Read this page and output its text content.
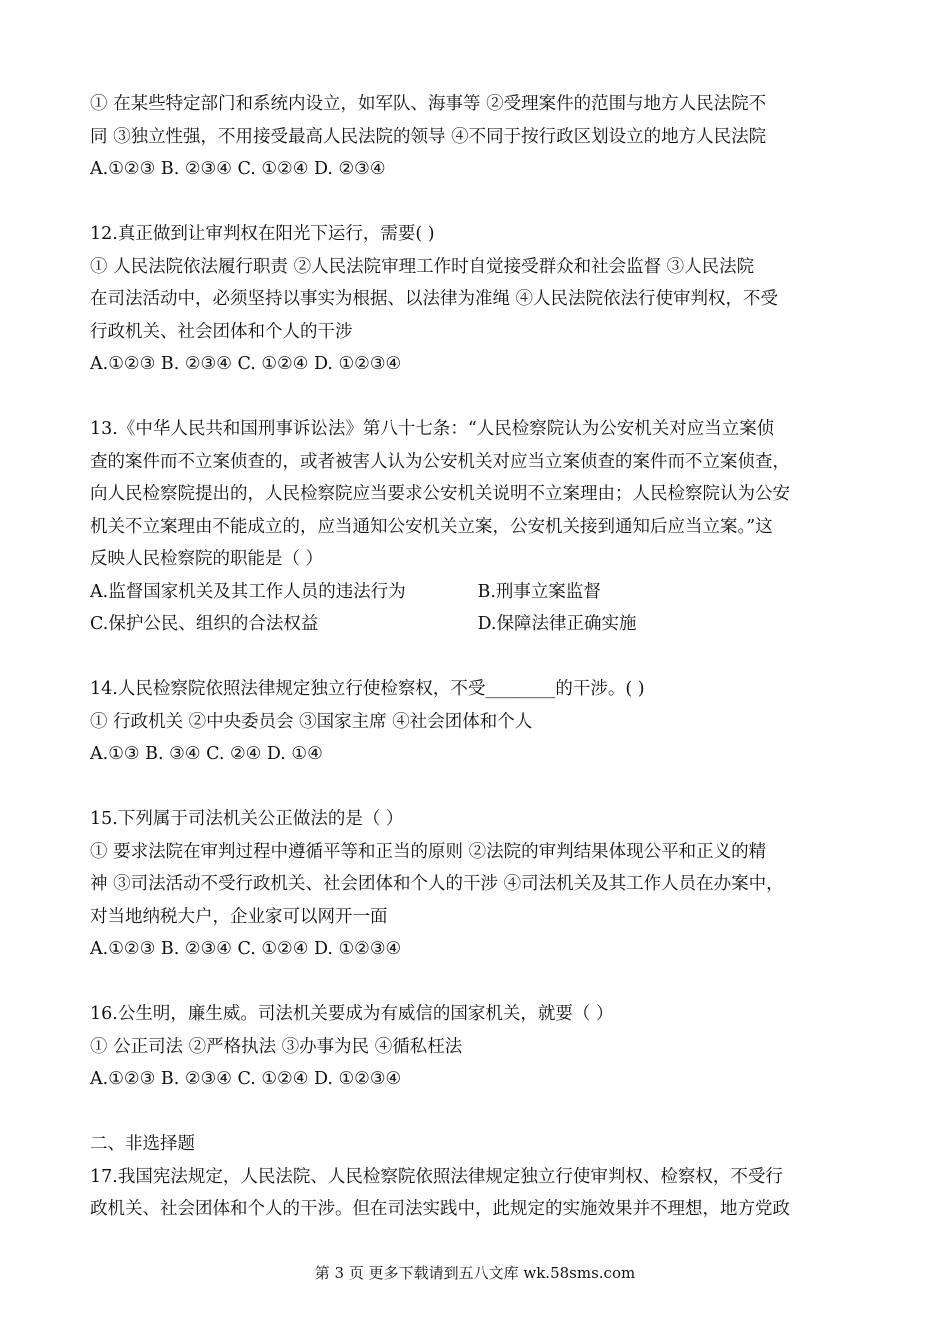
① 在某些特定部门和系统内设立，如军队、海事等 ②受理案件的范围与地方人民法院不
同 ③独立性强，不用接受最高人民法院的领导 ④不同于按行政区划设立的地方人民法院
A.①②③ B. ②③④ C. ①②④ D. ②③④
12.真正做到让审判权在阳光下运行，需要( )
① 人民法院依法履行职责 ②人民法院审理工作时自觉接受群众和社会监督 ③人民法院
在司法活动中，必须坚持以事实为根据、以法律为准绳 ④人民法院依法行使审判权，不受
行政机关、社会团体和个人的干涉
A.①②③ B. ②③④ C. ①②④ D. ①②③④
13.《中华人民共和国刑事诉讼法》第八十七条：“人民检察院认为公安机关对应当立案侦
查的案件而不立案侦查的，或者被害人认为公安机关对应当立案侦查的案件而不立案侦查，
向人民检察院提出的，人民检察院应当要求公安机关说明不立案理由；人民检察院认为公安
机关不立案理由不能成立的，应当通知公安机关立案，公安机关接到通知后应当立案。”这
反映人民检察院的职能是（ ）
A.监督国家机关及其工作人员的违法行为	B.刑事立案监督
C.保护公民、组织的合法权益	D.保障法律正确实施
14.人民检察院依照法律规定独立行使检察权，不受________的干涉。( )
① 行政机关 ②中央委员会 ③国家主席 ④社会团体和个人
A.①③ B. ③④ C. ②④ D. ①④
15.下列属于司法机关公正做法的是（ ）
① 要求法院在审判过程中遵循平等和正当的原则 ②法院的审判结果体现公平和正义的精
神 ③司法活动不受行政机关、社会团体和个人的干涉 ④司法机关及其工作人员在办案中，
对当地纳税大户，企业家可以网开一面
A.①②③ B. ②③④ C. ①②④ D. ①②③④
16.公生明，廉生威。司法机关要成为有威信的国家机关，就要（ ）
① 公正司法 ②严格执法 ③办事为民 ④循私枉法
A.①②③ B. ②③④ C. ①②④ D. ①②③④
二、非选择题
17.我国宪法规定，人民法院、人民检察院依照法律规定独立行使审判权、检察权，不受行
政机关、社会团体和个人的干涉。但在司法实践中，此规定的实施效果并不理想，地方党政
第 3 页 更多下载请到五八文库 wk.58sms.com
